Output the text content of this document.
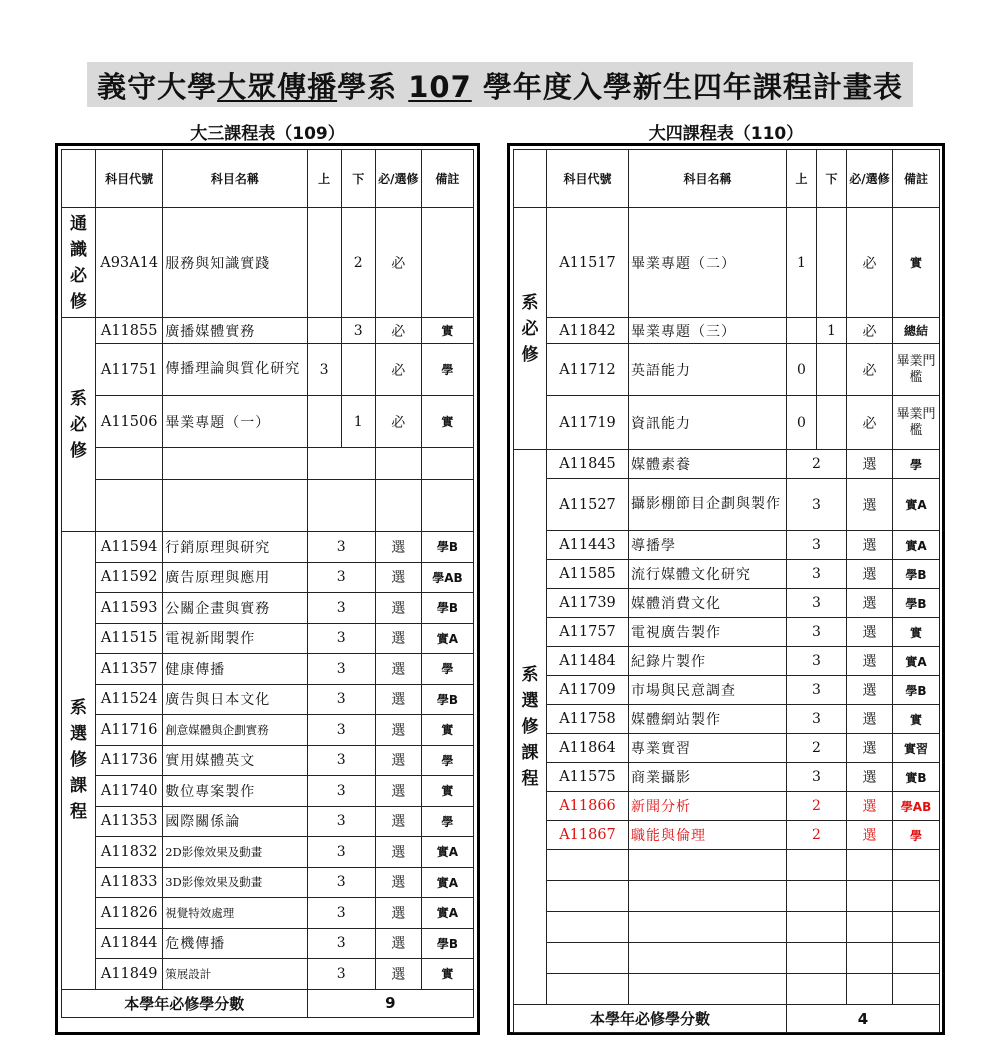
義守大學大眾傳播學系 107 學年度入學新生四年課程計畫表
大三課程表（109）	大四課程表（110）
	科目代號	科目名稱	上	下	必/選修	備註
通識必修	A93A14	服務與知識實踐		2	必	
系必修	A11855	廣播媒體實務		3	必	實
	A11751	傳播理論與質化研究	3		必	學
	A11506	畢業專題（一）		1	必	實

系選修課程	A11594	行銷原理與研究	3		選	學B
	A11592	廣告原理與應用	3		選	學AB
	A11593	公關企畫與實務	3		選	學B
	A11515	電視新聞製作	3		選	實A
	A11357	健康傳播	3		選	學
	A11524	廣告與日本文化	3		選	學B
	A11716	創意媒體與企劃實務	3		選	實
	A11736	實用媒體英文	3		選	學
	A11740	數位專案製作	3		選	實
	A11353	國際關係論	3		選	學
	A11832	2D影像效果及動畫	3		選	實A
	A11833	3D影像效果及動畫	3		選	實A
	A11826	視覺特效處理	3		選	實A
	A11844	危機傳播	3		選	學B
	A11849	策展設計	3		選	實
本學年必修學分數			9			
	科目代號	科目名稱	上	下	必/選修	備註
系必修	A11517	畢業專題（二）	1		必	實
	A11842	畢業專題（三）		1	必	總結
	A11712	英語能力	0		必	畢業門檻
	A11719	資訊能力	0		必	畢業門檻
系選修課程	A11845	媒體素養	2		選	學
	A11527	攝影棚節目企劃與製作	3		選	實A
	A11443	導播學	3		選	實A
	A11585	流行媒體文化研究	3		選	學B
	A11739	媒體消費文化	3		選	學B
	A11757	電視廣告製作	3		選	實
	A11484	紀錄片製作	3		選	實A
	A11709	市場與民意調查	3		選	學B
	A11758	媒體網站製作	3		選	實
	A11864	專業實習	2		選	實習
	A11575	商業攝影	3		選	實B
	A11866	新聞分析	2		選	學AB
	A11867	職能與倫理	2		選	學

本學年必修學分數			4			
